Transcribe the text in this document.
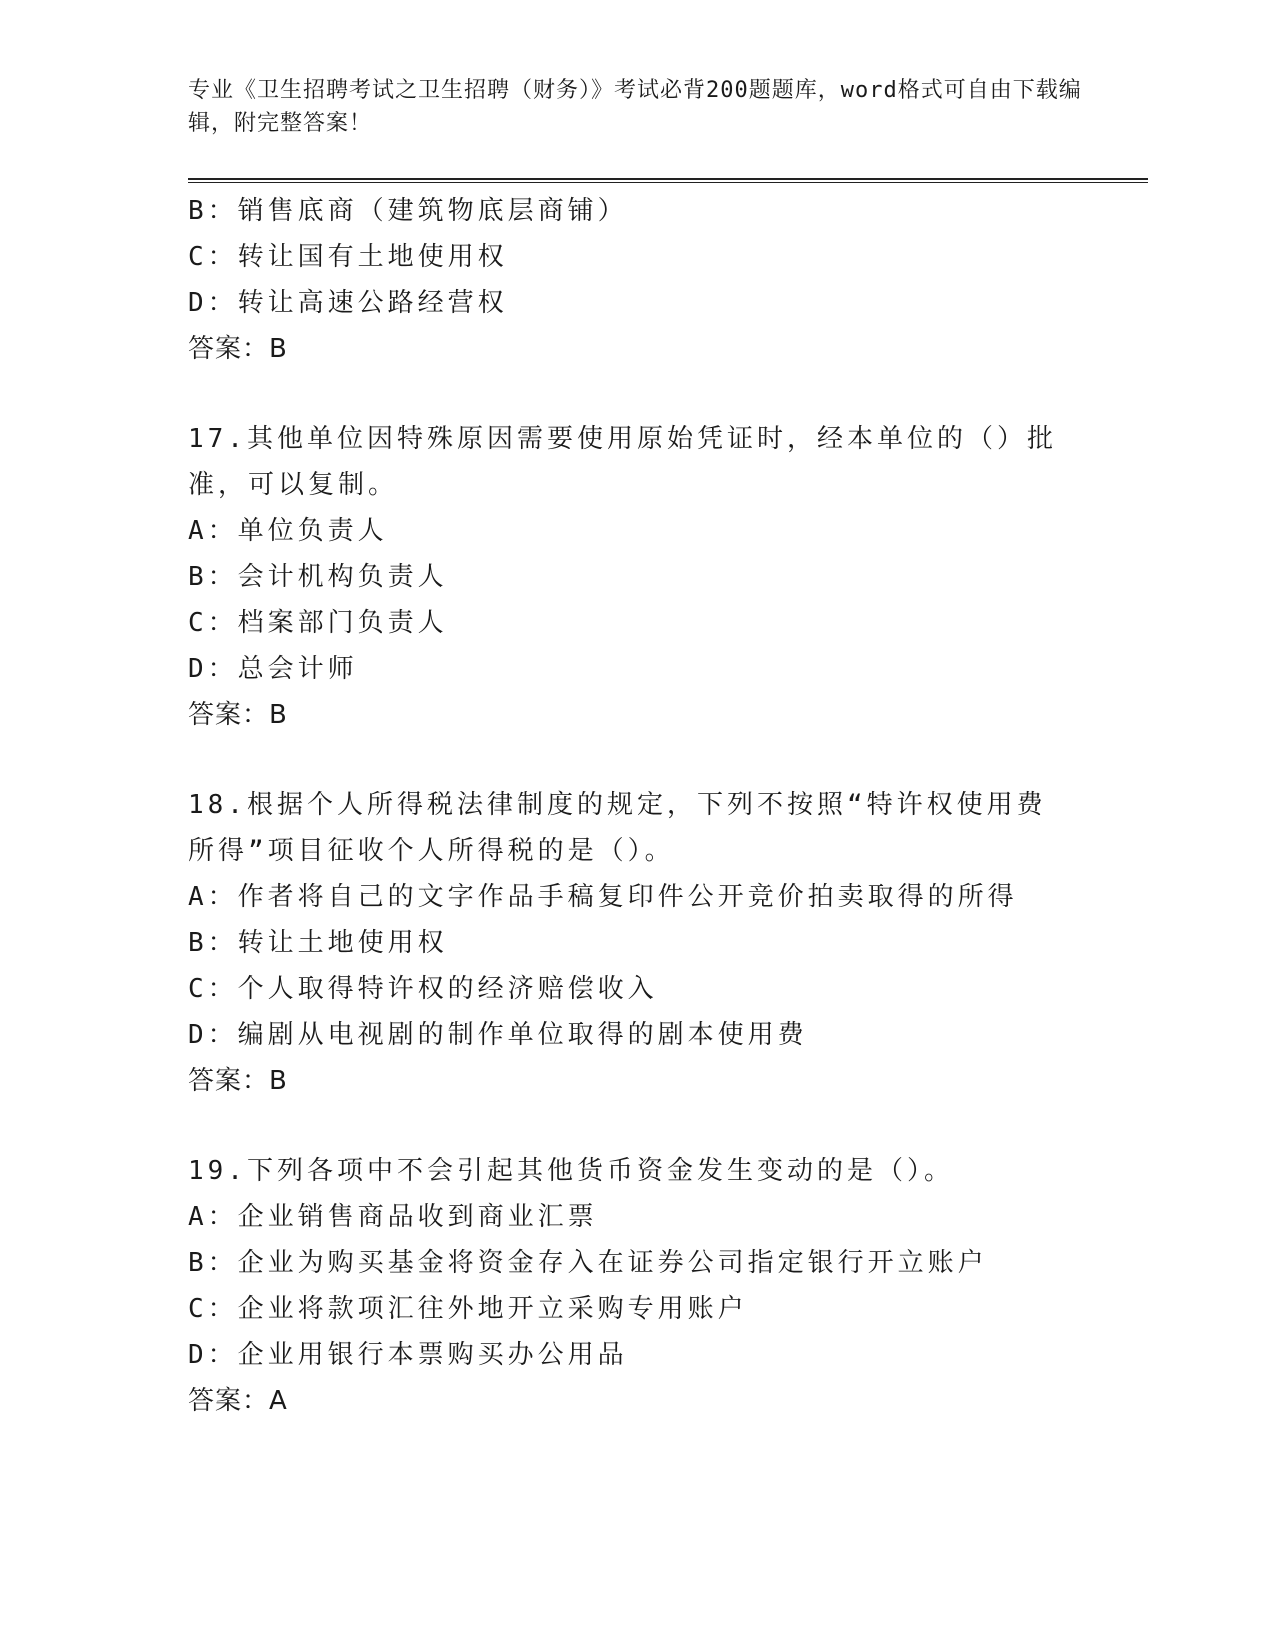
专业《卫生招聘考试之卫生招聘（财务）》考试必背200题题库，word格式可自由下载编辑，附完整答案！
B：销售底商（建筑物底层商铺）
C：转让国有土地使用权
D：转让高速公路经营权
答案：B
17.其他单位因特殊原因需要使用原始凭证时，经本单位的（）批准，可以复制。
A：单位负责人
B：会计机构负责人
C：档案部门负责人
D：总会计师
答案：B
18.根据个人所得税法律制度的规定，下列不按照“特许权使用费所得”项目征收个人所得税的是（）。
A：作者将自己的文字作品手稿复印件公开竞价拍卖取得的所得
B：转让土地使用权
C：个人取得特许权的经济赔偿收入
D：编剧从电视剧的制作单位取得的剧本使用费
答案：B
19.下列各项中不会引起其他货币资金发生变动的是（）。
A：企业销售商品收到商业汇票
B：企业为购买基金将资金存入在证券公司指定银行开立账户
C：企业将款项汇往外地开立采购专用账户
D：企业用银行本票购买办公用品
答案：A
